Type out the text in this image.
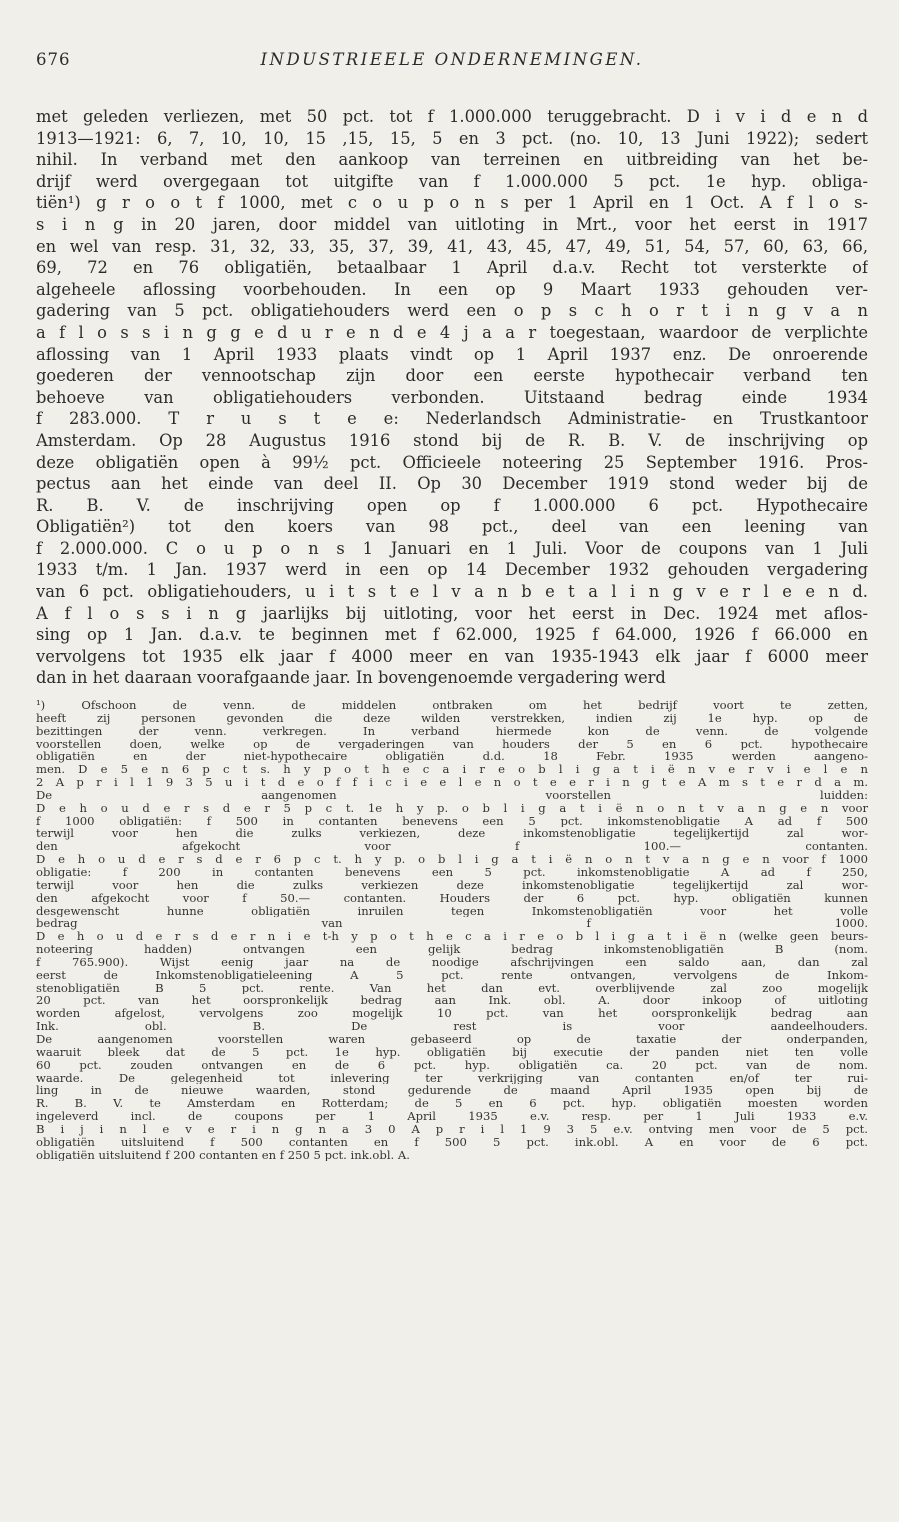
676	INDUSTRIEELE ONDERNEMINGEN.
met geleden verliezen, met 50 pct. tot f 1.000.000 teruggebracht. D i v i d e n d
1913—1921: 6, 7, 10, 10, 15 ,15, 15, 5 en 3 pct. (no. 10, 13 Juni 1922); sedert
nihil. In verband met den aankoop van terreinen en uitbreiding van het be-
drijf werd overgegaan tot uitgifte van f 1.000.000 5 pct. 1e hyp. obliga-
tiën¹) g r o o t f 1000, met c o u p o n s per 1 April en 1 Oct. A f l o s-
s i n g in 20 jaren, door middel van uitloting in Mrt., voor het eerst in 1917
en wel van resp. 31, 32, 33, 35, 37, 39, 41, 43, 45, 47, 49, 51, 54, 57, 60, 63, 66,
69, 72 en 76 obligatiën, betaalbaar 1 April d.a.v. Recht tot versterkte of
algeheele aflossing voorbehouden. In een op 9 Maart 1933 gehouden ver-
gadering van 5 pct. obligatiehouders werd een o p s c h o r t i n g v a n
a f l o s s i n g g e d u r e n d e 4 j a a r toegestaan, waardoor de verplichte
aflossing van 1 April 1933 plaats vindt op 1 April 1937 enz. De onroerende
goederen der vennootschap zijn door een eerste hypothecair verband ten
behoeve van obligatiehouders verbonden. Uitstaand bedrag einde 1934
f 283.000. T r u s t e e: Nederlandsch Administratie- en Trustkantoor
Amsterdam. Op 28 Augustus 1916 stond bij de R. B. V. de inschrijving op
deze obligatiën open à 99½ pct. Officieele noteering 25 September 1916. Pros-
pectus aan het einde van deel II. Op 30 December 1919 stond weder bij de
R. B. V. de inschrijving open op f 1.000.000 6 pct. Hypothecaire
Obligatiën²) tot den koers van 98 pct., deel van een leening van
f 2.000.000. C o u p o n s 1 Januari en 1 Juli. Voor de coupons van 1 Juli
1933 t/m. 1 Jan. 1937 werd in een op 14 December 1932 gehouden vergadering
van 6 pct. obligatiehouders, u i t s t e l v a n b e t a l i n g v e r l e e n d.
A f l o s s i n g jaarlijks bij uitloting, voor het eerst in Dec. 1924 met aflos-
sing op 1 Jan. d.a.v. te beginnen met f 62.000, 1925 f 64.000, 1926 f 66.000 en
vervolgens tot 1935 elk jaar f 4000 meer en van 1935-1943 elk jaar f 6000 meer
dan in het daaraan voorafgaande jaar. In bovengenoemde vergadering werd
¹) Ofschoon de venn. de middelen ontbraken om het bedrijf voort te zetten,
heeft zij personen gevonden die deze wilden verstrekken, indien zij 1e hyp. op de
bezittingen der venn. verkregen. In verband hiermede kon de venn. de volgende
voorstellen doen, welke op de vergaderingen van houders der 5 en 6 pct. hypothecaire
obligatiën en der niet-hypothecaire obligatiën d.d. 18 Febr. 1935 werden aangeno-
men. D e 5 e n 6 p c t s. h y p o t h e c a i r e o b l i g a t i ë n v e r v i e l e n
2 A p r i l 1 9 3 5 u i t d e o f f i c i e e l e n o t e e r i n g t e A m s t e r d a m.
De aangenomen voorstellen luidden:
D e h o u d e r s d e r 5 p c t. 1e h y p. o b l i g a t i ë n o n t v a n g e n voor
f 1000 obligatiën: f 500 in contanten benevens een 5 pct. inkomstenobligatie A ad f 500
terwijl voor hen die zulks verkiezen, deze inkomstenobligatie tegelijkertijd zal wor-
den afgekocht voor f 100.— contanten.
D e h o u d e r s d e r 6 p c t. h y p. o b l i g a t i ë n o n t v a n g e n voor f 1000
obligatie: f 200 in contanten benevens een 5 pct. inkomstenobligatie A ad f 250,
terwijl voor hen die zulks verkiezen deze inkomstenobligatie tegelijkertijd zal wor-
den afgekocht voor f 50.— contanten. Houders der 6 pct. hyp. obligatiën kunnen
desgewenscht hunne obligatiën inruilen tegen Inkomstenobligatiën voor het volle
bedrag van f 1000.
D e h o u d e r s d e r n i e t-h y p o t h e c a i r e o b l i g a t i ë n (welke geen beurs-
noteering hadden) ontvangen een gelijk bedrag inkomstenobligatiën B (nom.
f 765.900). Wijst eenig jaar na de noodige afschrijvingen een saldo aan, dan zal
eerst de Inkomstenobligatieleening A 5 pct. rente ontvangen, vervolgens de Inkom-
stenobligatiën B 5 pct. rente. Van het dan evt. overblijvende zal zoo mogelijk
20 pct. van het oorspronkelijk bedrag aan Ink. obl. A. door inkoop of uitloting
worden afgelost, vervolgens zoo mogelijk 10 pct. van het oorspronkelijk bedrag aan
Ink. obl. B. De rest is voor aandeelhouders.
De aangenomen voorstellen waren gebaseerd op de taxatie der onderpanden,
waaruit bleek dat de 5 pct. 1e hyp. obligatiën bij executie der panden niet ten volle
60 pct. zouden ontvangen en de 6 pct. hyp. obligatiën ca. 20 pct. van de nom.
waarde. De gelegenheid tot inlevering ter verkrijging van contanten en/of ter rui-
ling in de nieuwe waarden, stond gedurende de maand April 1935 open bij de
R. B. V. te Amsterdam en Rotterdam; de 5 en 6 pct. hyp. obligatiën moesten worden
ingeleverd incl. de coupons per 1 April 1935 e.v. resp. per 1 Juli 1933 e.v.
B i j i n l e v e r i n g n a 3 0 A p r i l 1 9 3 5 e.v. ontving men voor de 5 pct.
obligatiën uitsluitend f 500 contanten en f 500 5 pct. ink.obl. A en voor de 6 pct.
obligatiën uitsluitend f 200 contanten en f 250 5 pct. ink.obl. A.
